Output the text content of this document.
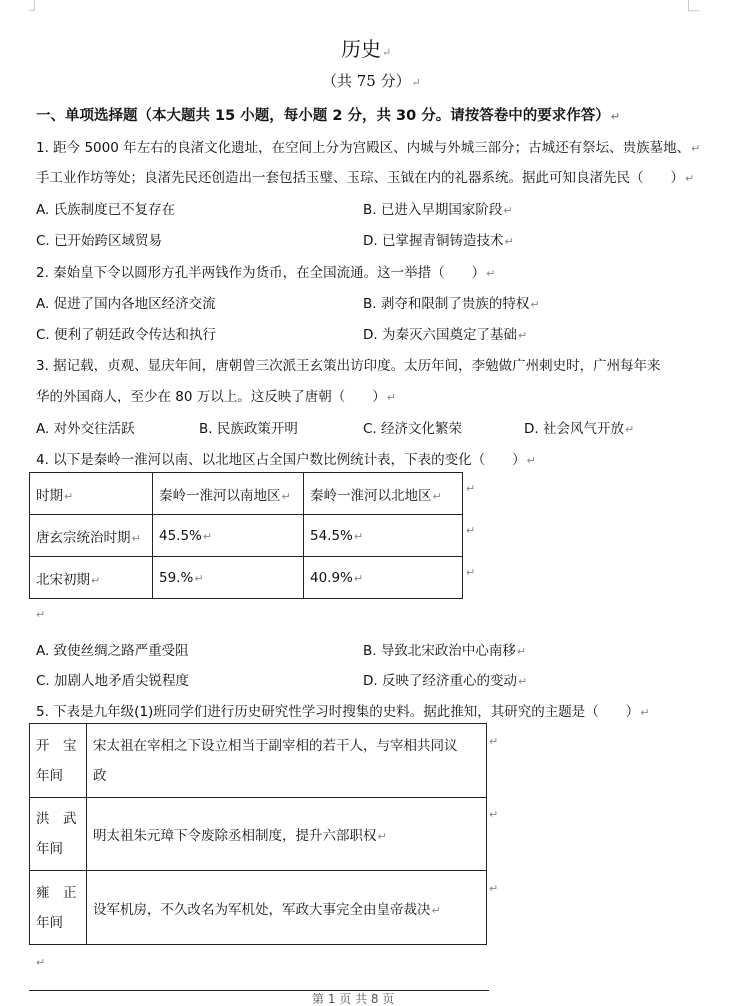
历史↵
（共 75 分）↵
一、单项选择题（本大题共 15 小题，每小题 2 分，共 30 分。请按答卷中的要求作答）↵
1. 距今 5000 年左右的良渚文化遗址，在空间上分为宫殿区、内城与外城三部分；古城还有祭坛、贵族墓地、↵
手工业作坊等处；良渚先民还创造出一套包括玉璧、玉琮、玉钺在内的礼器系统。据此可知良渚先民（　　）↵
A. 氏族制度已不复存在	B. 已进入早期国家阶段↵
C. 已开始跨区域贸易	D. 已掌握青铜铸造技术↵
2. 秦始皇下令以圆形方孔半两钱作为货币，在全国流通。这一举措（　　）↵
A. 促进了国内各地区经济交流	B. 剥夺和限制了贵族的特权↵
C. 便利了朝廷政令传达和执行	D. 为秦灭六国奠定了基础↵
3. 据记载，贞观、显庆年间，唐朝曾三次派王玄策出访印度。太历年间，李勉做广州刺史时，广州每年来
华的外国商人，至少在 80 万以上。这反映了唐朝（　　）↵
A. 对外交往活跃	B. 民族政策开明	C. 经济文化繁荣	D. 社会风气开放↵
4. 以下是秦岭一淮河以南、以北地区占全国户数比例统计表，下表的变化（　　）↵
时期↵	秦岭一淮河以南地区↵	秦岭一淮河以北地区↵
唐玄宗统治时期↵	45.5%↵	54.5%↵
北宋初期↵	59.%↵	40.9%↵
↵
↵
↵
↵
A. 致使丝绸之路严重受阻	B. 导致北宋政治中心南移↵
C. 加剧人地矛盾尖锐程度	D. 反映了经济重心的变动↵
5. 下表是九年级(1)班同学们进行历史研究性学习时搜集的史料。据此推知，其研究的主题是（　　）↵
开　宝
年间	宋太祖在宰相之下设立相当于副宰相的若干人，与宰相共同议
政
洪　武
年间	明太祖朱元璋下令废除丞相制度，提升六部职权↵
雍　正
年间	设军机房，不久改名为军机处，军政大事完全由皇帝裁决↵
↵
↵
↵
↵
第 1 页 共 8 页
